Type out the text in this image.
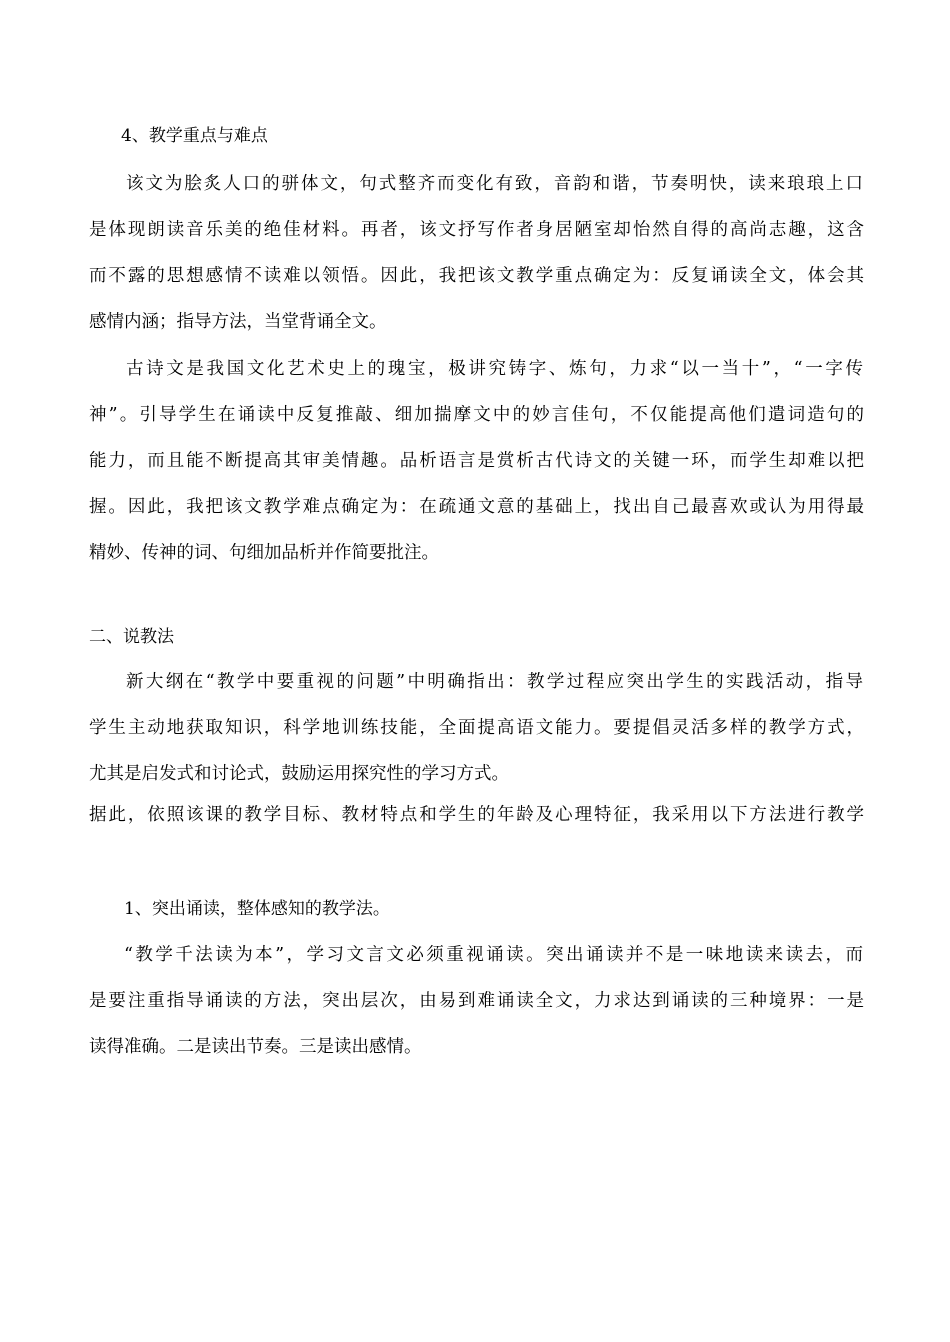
4、教学重点与难点
该文为脍炙人口的骈体文，句式整齐而变化有致，音韵和谐，节奏明快，读来琅琅上口
是体现朗读音乐美的绝佳材料。再者，该文抒写作者身居陋室却怡然自得的高尚志趣，这含
而不露的思想感情不读难以领悟。因此，我把该文教学重点确定为：反复诵读全文，体会其
感情内涵；指导方法，当堂背诵全文。
古诗文是我国文化艺术史上的瑰宝，极讲究铸字、炼句，力求“以一当十”，“一字传
神”。引导学生在诵读中反复推敲、细加揣摩文中的妙言佳句，不仅能提高他们遣词造句的
能力，而且能不断提高其审美情趣。品析语言是赏析古代诗文的关键一环，而学生却难以把
握。因此，我把该文教学难点确定为：在疏通文意的基础上，找出自己最喜欢或认为用得最
精妙、传神的词、句细加品析并作简要批注。
二、说教法
新大纲在“教学中要重视的问题”中明确指出：教学过程应突出学生的实践活动，指导
学生主动地获取知识，科学地训练技能，全面提高语文能力。要提倡灵活多样的教学方式，
尤其是启发式和讨论式，鼓励运用探究性的学习方式。
据此，依照该课的教学目标、教材特点和学生的年龄及心理特征，我采用以下方法进行教学
1、突出诵读，整体感知的教学法。
“教学千法读为本”，学习文言文必须重视诵读。突出诵读并不是一味地读来读去，而
是要注重指导诵读的方法，突出层次，由易到难诵读全文，力求达到诵读的三种境界：一是
读得准确。二是读出节奏。三是读出感情。
